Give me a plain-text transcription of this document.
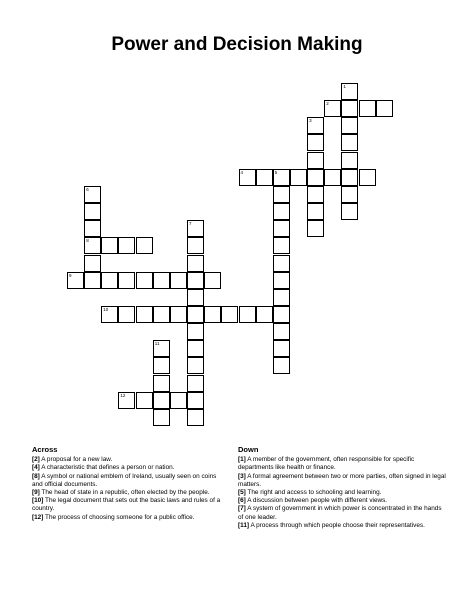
Power and Decision Making
1
2
3
4	5
6
8
7
9
10
11
12
Across
[2] A proposal for a new law.
[4] A characteristic that defines a person or nation.
[8] A symbol or national emblem of Ireland, usually seen on coins and official documents.
[9] The head of state in a republic, often elected by the people.
[10] The legal document that sets out the basic laws and rules of a country.
[12] The process of choosing someone for a public office.
Down
[1] A member of the government, often responsible for specific departments like health or finance.
[3] A formal agreement between two or more parties, often signed in legal matters.
[5] The right and access to schooling and learning.
[6] A discussion between people with different views.
[7] A system of government in which power is concentrated in the hands of one leader.
[11] A process through which people choose their representatives.
